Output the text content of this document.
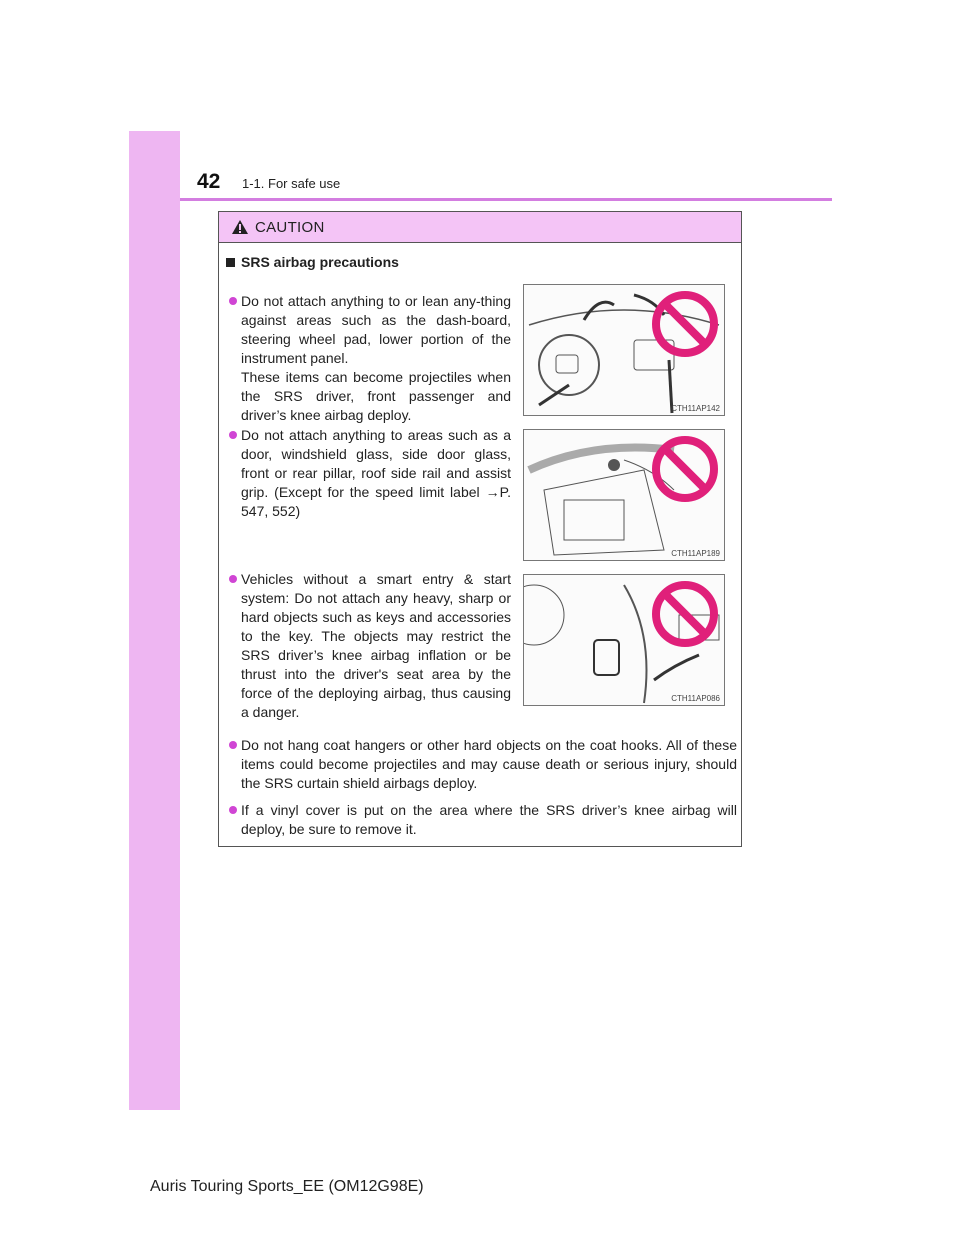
42 1-1. For safe use
CAUTION
SRS airbag precautions
Do not attach anything to or lean any-thing against areas such as the dash-board, steering wheel pad, lower portion of the instrument panel.
These items can become projectiles when the SRS driver, front passenger and driver’s knee airbag deploy.	CTH11AP142
Do not attach anything to areas such as a door, windshield glass, side door glass, front or rear pillar, roof side rail and assist grip. (Except for the speed limit label →P. 547, 552)
CTH11AP189
Vehicles without a smart entry & start system: Do not attach any heavy, sharp or hard objects such as keys and accessories to the key. The objects may restrict the SRS driver’s knee airbag inflation or be thrust into the driver's seat area by the force of the deploying airbag, thus causing a danger.
CTH11AP086
Do not hang coat hangers or other hard objects on the coat hooks. All of these items could become projectiles and may cause death or serious injury, should the SRS curtain shield airbags deploy.
If a vinyl cover is put on the area where the SRS driver’s knee airbag will deploy, be sure to remove it.
Auris Touring Sports_EE (OM12G98E)
